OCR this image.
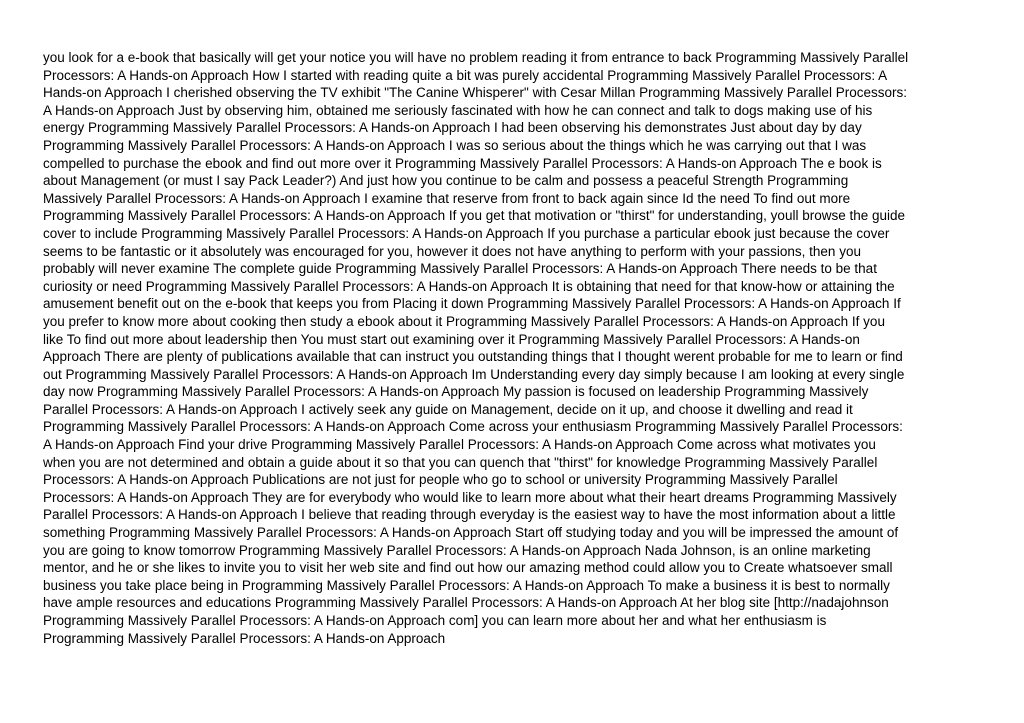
you look for a e-book that basically will get your notice you will have no problem reading it from entrance to back Programming Massively Parallel
Processors: A Hands-on Approach How I started with reading quite a bit was purely accidental Programming Massively Parallel Processors: A
Hands-on Approach I cherished observing the TV exhibit "The Canine Whisperer" with Cesar Millan Programming Massively Parallel Processors:
A Hands-on Approach Just by observing him, obtained me seriously fascinated with how he can connect and talk to dogs making use of his
energy Programming Massively Parallel Processors: A Hands-on Approach I had been observing his demonstrates Just about day by day
Programming Massively Parallel Processors: A Hands-on Approach I was so serious about the things which he was carrying out that I was
compelled to purchase the ebook and find out more over it Programming Massively Parallel Processors: A Hands-on Approach The e book is
about Management (or must I say Pack Leader?) And just how you continue to be calm and possess a peaceful Strength Programming
Massively Parallel Processors: A Hands-on Approach I examine that reserve from front to back again since Id the need To find out more
Programming Massively Parallel Processors: A Hands-on Approach If you get that motivation or "thirst" for understanding, youll browse the guide
cover to include Programming Massively Parallel Processors: A Hands-on Approach If you purchase a particular ebook just because the cover
seems to be fantastic or it absolutely was encouraged for you, however it does not have anything to perform with your passions, then you
probably will never examine The complete guide Programming Massively Parallel Processors: A Hands-on Approach There needs to be that
curiosity or need Programming Massively Parallel Processors: A Hands-on Approach It is obtaining that need for that know-how or attaining the
amusement benefit out on the e-book that keeps you from Placing it down Programming Massively Parallel Processors: A Hands-on Approach If
you prefer to know more about cooking then study a ebook about it Programming Massively Parallel Processors: A Hands-on Approach If you
like To find out more about leadership then You must start out examining over it Programming Massively Parallel Processors: A Hands-on
Approach There are plenty of publications available that can instruct you outstanding things that I thought werent probable for me to learn or find
out Programming Massively Parallel Processors: A Hands-on Approach Im Understanding every day simply because I am looking at every single
day now Programming Massively Parallel Processors: A Hands-on Approach My passion is focused on leadership Programming Massively
Parallel Processors: A Hands-on Approach I actively seek any guide on Management, decide on it up, and choose it dwelling and read it
Programming Massively Parallel Processors: A Hands-on Approach Come across your enthusiasm Programming Massively Parallel Processors:
A Hands-on Approach Find your drive Programming Massively Parallel Processors: A Hands-on Approach Come across what motivates you
when you are not determined and obtain a guide about it so that you can quench that "thirst" for knowledge Programming Massively Parallel
Processors: A Hands-on Approach Publications are not just for people who go to school or university Programming Massively Parallel
Processors: A Hands-on Approach They are for everybody who would like to learn more about what their heart dreams Programming Massively
Parallel Processors: A Hands-on Approach I believe that reading through everyday is the easiest way to have the most information about a little
something Programming Massively Parallel Processors: A Hands-on Approach Start off studying today and you will be impressed the amount of
you are going to know tomorrow Programming Massively Parallel Processors: A Hands-on Approach Nada Johnson, is an online marketing
mentor, and he or she likes to invite you to visit her web site and find out how our amazing method could allow you to Create whatsoever small
business you take place being in Programming Massively Parallel Processors: A Hands-on Approach To make a business it is best to normally
have ample resources and educations Programming Massively Parallel Processors: A Hands-on Approach At her blog site [http://nadajohnson
Programming Massively Parallel Processors: A Hands-on Approach com] you can learn more about her and what her enthusiasm is
Programming Massively Parallel Processors: A Hands-on Approach
